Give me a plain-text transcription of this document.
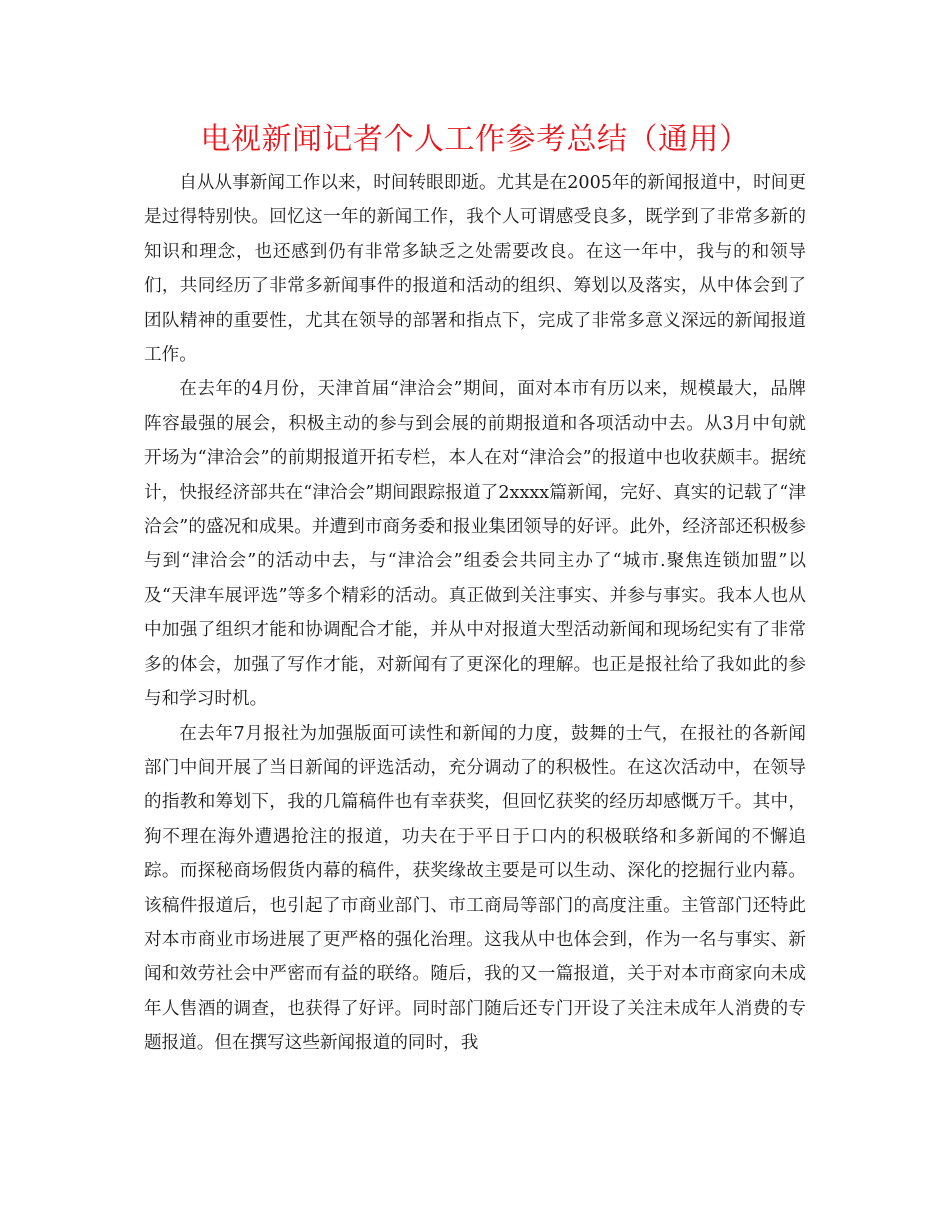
电视新闻记者个人工作参考总结（通用）

自从从事新闻工作以来，时间转眼即逝。尤其是在2005年的新闻报道中，时间更是过得特别快。回忆这一年的新闻工作，我个人可谓感受良多，既学到了非常多新的知识和理念，也还感到仍有非常多缺乏之处需要改良。在这一年中，我与的和领导们，共同经历了非常多新闻事件的报道和活动的组织、筹划以及落实，从中体会到了团队精神的重要性，尤其在领导的部署和指点下，完成了非常多意义深远的新闻报道工作。

在去年的4月份，天津首届“津洽会”期间，面对本市有历以来，规模最大，品牌阵容最强的展会，积极主动的参与到会展的前期报道和各项活动中去。从3月中旬就开场为“津洽会”的前期报道开拓专栏，本人在对“津洽会”的报道中也收获颇丰。据统计，快报经济部共在“津洽会”期间跟踪报道了2xxxx篇新闻，完好、真实的记载了“津洽会”的盛况和成果。并遭到市商务委和报业集团领导的好评。此外，经济部还积极参与到“津洽会”的活动中去，与“津洽会”组委会共同主办了“城市.聚焦连锁加盟”以及“天津车展评选”等多个精彩的活动。真正做到关注事实、并参与事实。我本人也从中加强了组织才能和协调配合才能，并从中对报道大型活动新闻和现场纪实有了非常多的体会，加强了写作才能，对新闻有了更深化的理解。也正是报社给了我如此的参与和学习时机。

在去年7月报社为加强版面可读性和新闻的力度，鼓舞的士气，在报社的各新闻部门中间开展了当日新闻的评选活动，充分调动了的积极性。在这次活动中，在领导的指教和筹划下，我的几篇稿件也有幸获奖，但回忆获奖的经历却感慨万千。其中，狗不理在海外遭遇抢注的报道，功夫在于平日于口内的积极联络和多新闻的不懈追踪。而探秘商场假货内幕的稿件，获奖缘故主要是可以生动、深化的挖掘行业内幕。该稿件报道后，也引起了市商业部门、市工商局等部门的高度注重。主管部门还特此对本市商业市场进展了更严格的强化治理。这我从中也体会到，作为一名与事实、新闻和效劳社会中严密而有益的联络。随后，我的又一篇报道，关于对本市商家向未成年人售酒的调查，也获得了好评。同时部门随后还专门开设了关注未成年人消费的专题报道。但在撰写这些新闻报道的同时，我
